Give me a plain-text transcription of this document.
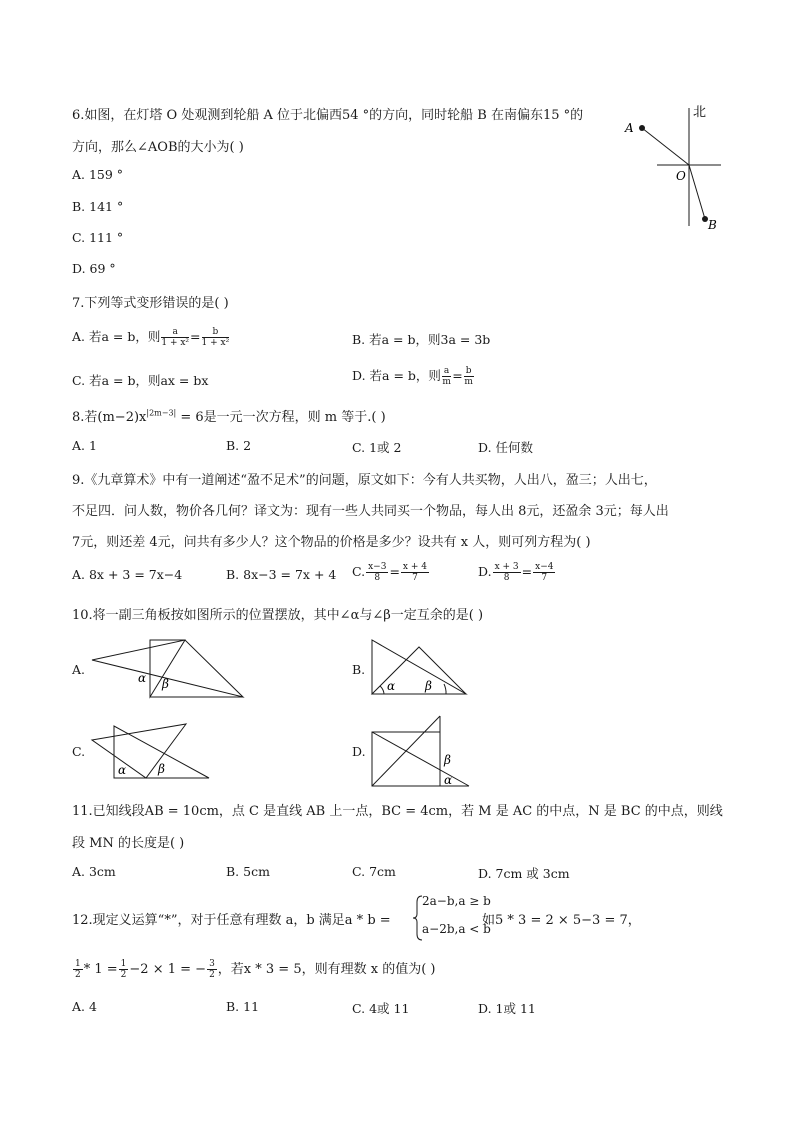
6.如图，在灯塔 O 处观测到轮船 A 位于北偏西54 °的方向，同时轮船 B 在南偏东15 °的
方向，那么∠AOB的大小为( )
A. 159 °
B. 141 °
C. 111 °
D. 69 °
北
A
O
B
7.下列等式变形错误的是( )
A. 若a = b，则 $\frac{a}{\text{1 + x²}} = \frac{b}{\text{1 + x²}}$	B. 若a = b，则3a = 3b
C. 若a = b，则ax = bx	D. 若a = b，则 $\frac{a}{m} = \frac{b}{m}$
8.若$(m-2)x^{|2m-3|} = 6$是一元一次方程，则 m 等于.( )
A. 1	B. 2	C. 1或 2	D. 任何数
9.《九章算术》中有一道阐述“盈不足术”的问题，原文如下：今有人共买物，人出八，盈三；人出七，
不足四．问人数，物价各几何？译文为：现有一些人共同买一个物品，每人出 8元，还盈余 3元；每人出
7元，则还差 4元，问共有多少人？这个物品的价格是多少？设共有 x 人，则可列方程为( )
A. 8x + 3 = 7x−4	B. 8x−3 = 7x + 4 C. $\frac{x-3}{8} = \frac{x + 4}{7}$	D. $\frac{x + 3}{8} = \frac{x-4}{7}$
10.将一副三角板按如图所示的位置摆放，其中∠α与∠β一定互余的是( )
A.
α β
B.
α β
C.
α	β
D.
β
α
11.已知线段AB = 10cm，点 C 是直线 AB 上一点，BC = 4cm，若 M 是 AC 的中点，N 是 BC 的中点，则线
段 MN 的长度是( )
A. 3cm	B. 5cm	C. 7cm	D. 7cm 或 3cm
12.现定义运算“*”，对于任意有理数 a，b 满足a * b =
2a−b,a ≥ b
a−2b,a < b
如5 * 3 = 2 × 5−3 = 7，
$\frac{1}{2} * 1 = \frac{1}{2} -2 \times 1$ = − $\frac{3}{2}$ ，若x * 3 = 5，则有理数 x 的值为( )
A. 4	B. 11	C. 4或 11	D. 1或 11
